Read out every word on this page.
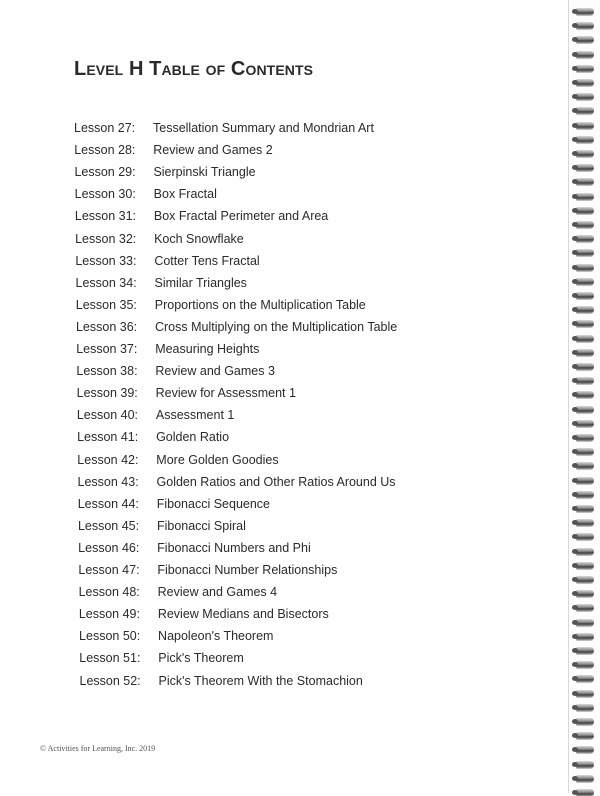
Level H Table of Contents
Lesson 27: Tessellation Summary and Mondrian Art
Lesson 28: Review and Games 2
Lesson 29: Sierpinski Triangle
Lesson 30: Box Fractal
Lesson 31: Box Fractal Perimeter and Area
Lesson 32: Koch Snowflake
Lesson 33: Cotter Tens Fractal
Lesson 34: Similar Triangles
Lesson 35: Proportions on the Multiplication Table
Lesson 36: Cross Multiplying on the Multiplication Table
Lesson 37: Measuring Heights
Lesson 38: Review and Games 3
Lesson 39: Review for Assessment 1
Lesson 40: Assessment 1
Lesson 41: Golden Ratio
Lesson 42: More Golden Goodies
Lesson 43: Golden Ratios and Other Ratios Around Us
Lesson 44: Fibonacci Sequence
Lesson 45: Fibonacci Spiral
Lesson 46: Fibonacci Numbers and Phi
Lesson 47: Fibonacci Number Relationships
Lesson 48: Review and Games 4
Lesson 49: Review Medians and Bisectors
Lesson 50: Napoleon's Theorem
Lesson 51: Pick's Theorem
Lesson 52: Pick's Theorem With the Stomachion
© Activities for Learning, Inc. 2019
